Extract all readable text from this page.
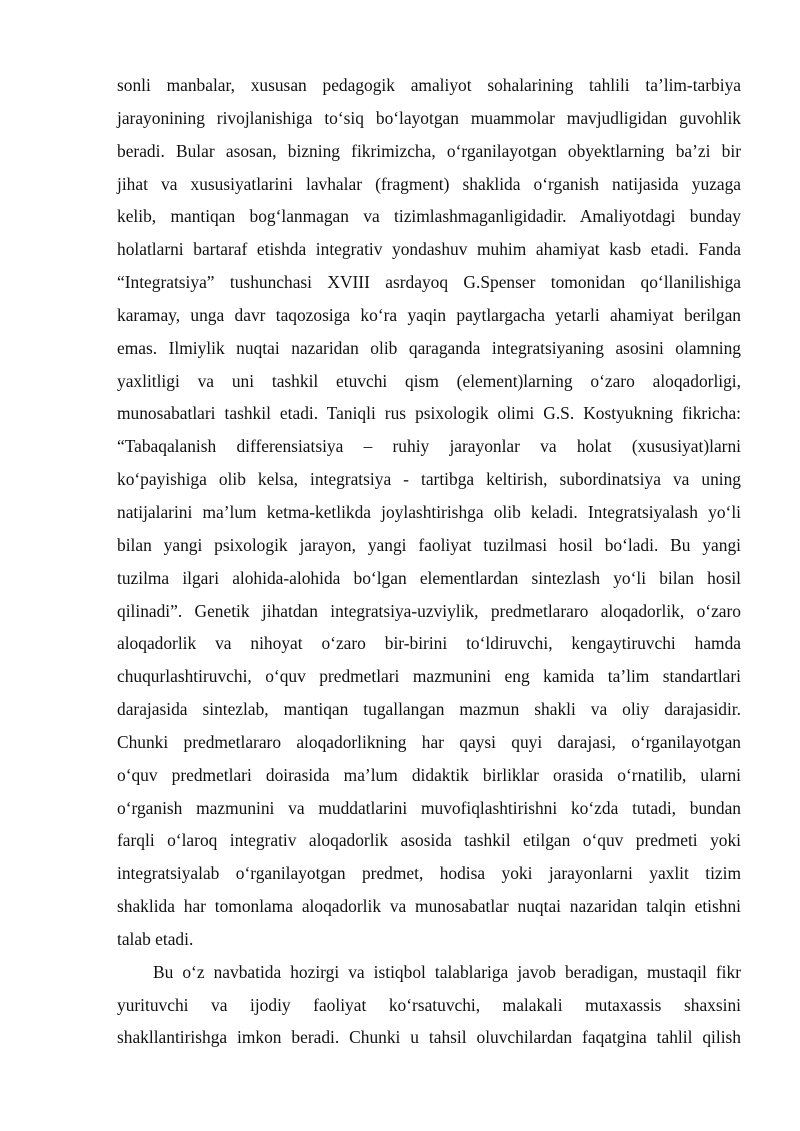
sonli manbalar, xususan pedagogik amaliyot sohalarining tahlili ta’lim-tarbiya
jarayonining rivojlanishiga to‘siq bo‘layotgan muammolar mavjudligidan guvohlik
beradi. Bular asosan, bizning fikrimizcha, o‘rganilayotgan obyektlarning ba’zi bir
jihat va xususiyatlarini lavhalar (fragment) shaklida o‘rganish natijasida yuzaga
kelib, mantiqan bog‘lanmagan va tizimlashmaganligidadir. Amaliyotdagi bunday
holatlarni bartaraf etishda integrativ yondashuv muhim ahamiyat kasb etadi. Fanda
“Integratsiya” tushunchasi XVIII asrdayoq G.Spenser tomonidan qo‘llanilishiga
karamay, unga davr taqozosiga ko‘ra yaqin paytlargacha yetarli ahamiyat berilgan
emas. Ilmiylik nuqtai nazaridan olib qaraganda integratsiyaning asosini olamning
yaxlitligi va uni tashkil etuvchi qism (element)larning o‘zaro aloqadorligi,
munosabatlari tashkil etadi. Taniqli rus psixologik olimi G.S. Kostyukning fikricha:
“Tabaqalanish differensiatsiya – ruhiy jarayonlar va holat (xususiyat)larni
ko‘payishiga olib kelsa, integratsiya - tartibga keltirish, subordinatsiya va uning
natijalarini ma’lum ketma-ketlikda joylashtirishga olib keladi. Integratsiyalash yo‘li
bilan yangi psixologik jarayon, yangi faoliyat tuzilmasi hosil bo‘ladi. Bu yangi
tuzilma ilgari alohida-alohida bo‘lgan elementlardan sintezlash yo‘li bilan hosil
qilinadi”. Genetik jihatdan integratsiya-uzviylik, predmetlararo aloqadorlik, o‘zaro
aloqadorlik va nihoyat o‘zaro bir-birini to‘ldiruvchi, kengaytiruvchi hamda
chuqurlashtiruvchi, o‘quv predmetlari mazmunini eng kamida ta’lim standartlari
darajasida sintezlab, mantiqan tugallangan mazmun shakli va oliy darajasidir.
Chunki predmetlararo aloqadorlikning har qaysi quyi darajasi, o‘rganilayotgan
o‘quv predmetlari doirasida ma’lum didaktik birliklar orasida o‘rnatilib, ularni
o‘rganish mazmunini va muddatlarini muvofiqlashtirishni ko‘zda tutadi, bundan
farqli o‘laroq integrativ aloqadorlik asosida tashkil etilgan o‘quv predmeti yoki
integratsiyalab o‘rganilayotgan predmet, hodisa yoki jarayonlarni yaxlit tizim
shaklida har tomonlama aloqadorlik va munosabatlar nuqtai nazaridan talqin etishni
talab etadi.
Bu o‘z navbatida hozirgi va istiqbol talablariga javob beradigan, mustaqil fikr
yurituvchi va ijodiy faoliyat ko‘rsatuvchi, malakali mutaxassis shaxsini
shakllantirishga imkon beradi. Chunki u tahsil oluvchilardan faqatgina tahlil qilish
